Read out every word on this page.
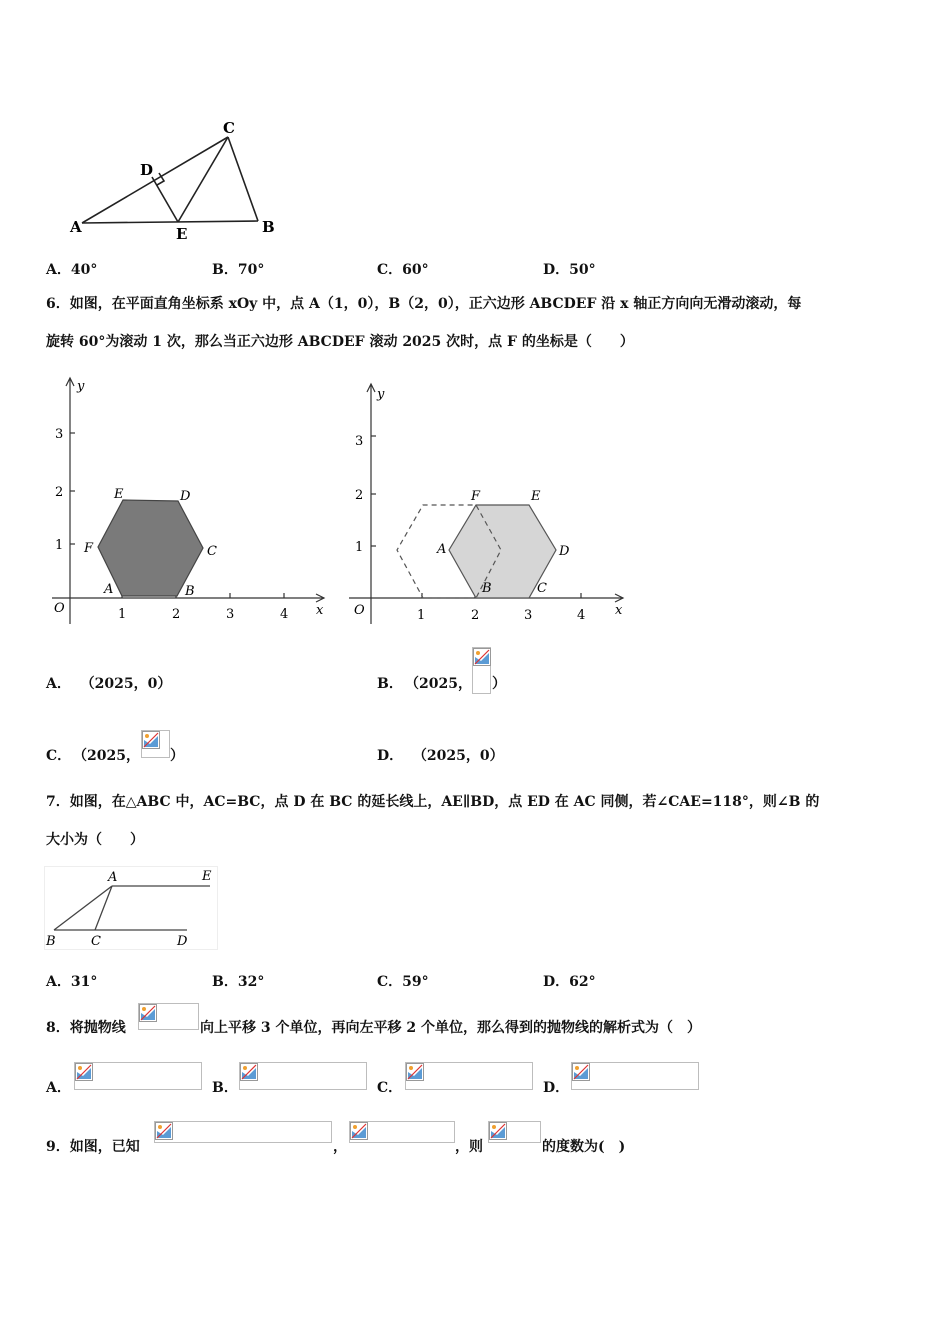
C
D
A	E	B
A．40°	B．70°	C．60°	D．50°
6．如图，在平面直角坐标系 xOy 中，点 A（1，0），B（2，0），正六边形 ABCDEF 沿 x 轴正方向向无滑动滚动，每
旋转 60°为滚动 1 次，那么当正六边形 ABCDEF 滚动 2025 次时，点 F 的坐标是（　　）
y
x
O	1	2	3	4
1
2
3
E	D
F	C
A	B
y
x
O	1	2	3	4
1
2
3
F	E
A	D
B	C
A． （2025，0）	B． （2025， ）
C． （2025， ）	D． （2025，0）
7．如图，在△ABC 中，AC=BC，点 D 在 BC 的延长线上，AE∥BD，点 ED 在 AC 同侧，若∠CAE=118°，则∠B 的
大小为（　　）
A	E
B	C	D
A．31°	B．32°	C．59°	D．62°
8．将抛物线	向上平移 3 个单位，再向左平移 2 个单位，那么得到的抛物线的解析式为（　）
A．	B．	C．	D．
9．如图，已知	，	，则	的度数为(　)
